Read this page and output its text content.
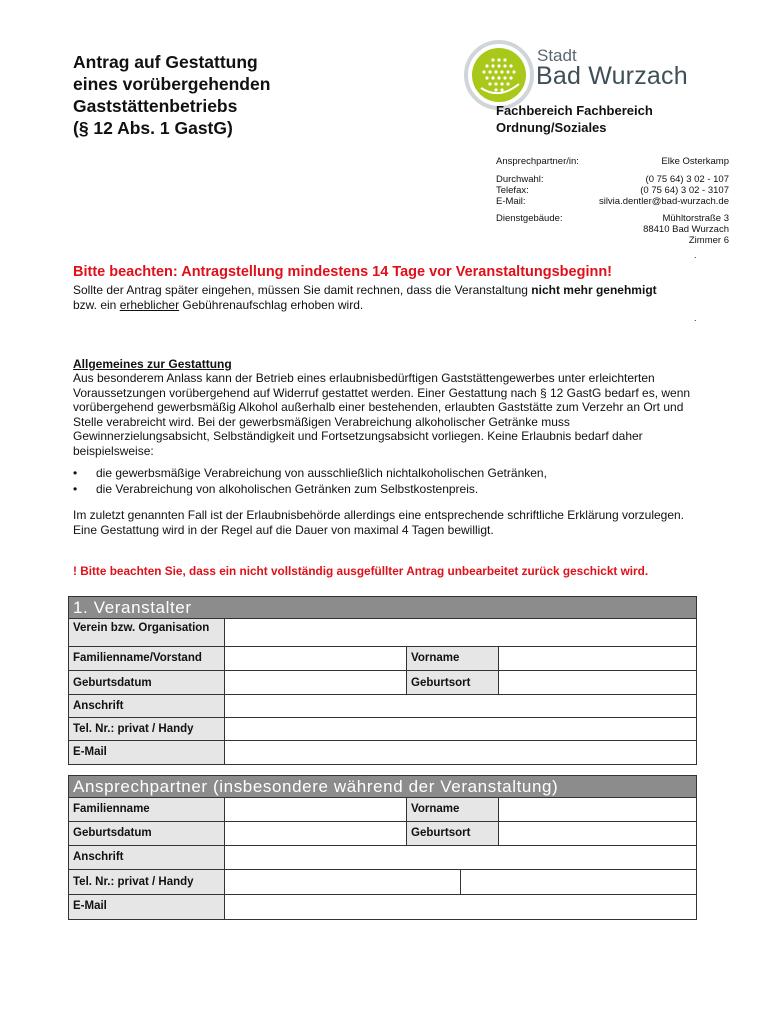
Antrag auf Gestattung
eines vorübergehenden
Gaststättenbetriebs
(§ 12 Abs. 1 GastG)
Stadt
Bad Wurzach
Fachbereich Fachbereich
Ordnung/Soziales
Ansprechpartner/in:	Elke Osterkamp
Durchwahl:	(0 75 64) 3 02 - 107
Telefax:	(0 75 64) 3 02 - 3107
E-Mail:	silvia.dentler@bad-wurzach.de
Dienstgebäude:	Mühltorstraße 3
88410 Bad Wurzach
Zimmer 6
.
Bitte beachten: Antragstellung mindestens 14 Tage vor Veranstaltungsbeginn!
Sollte der Antrag später eingehen, müssen Sie damit rechnen, dass die Veranstaltung nicht mehr genehmigt bzw. ein erheblicher Gebührenaufschlag erhoben wird.
.
Allgemeines zur Gestattung
Aus besonderem Anlass kann der Betrieb eines erlaubnisbedürftigen Gaststättengewerbes unter erleichterten Voraussetzungen vorübergehend auf Widerruf gestattet werden. Einer Gestattung nach § 12 GastG bedarf es, wenn vorübergehend gewerbsmäßig Alkohol außerhalb einer bestehenden, erlaubten Gaststätte zum Verzehr an Ort und Stelle verabreicht wird. Bei der gewerbsmäßigen Verabreichung alkoholischer Getränke muss Gewinnerzielungsabsicht, Selbständigkeit und Fortsetzungsabsicht vorliegen. Keine Erlaubnis bedarf daher beispielsweise:
• die gewerbsmäßige Verabreichung von ausschließlich nichtalkoholischen Getränken,
• die Verabreichung von alkoholischen Getränken zum Selbstkostenpreis.
Im zuletzt genannten Fall ist der Erlaubnisbehörde allerdings eine entsprechende schriftliche Erklärung vorzulegen.
Eine Gestattung wird in der Regel auf die Dauer von maximal 4 Tagen bewilligt.
! Bitte beachten Sie, dass ein nicht vollständig ausgefüllter Antrag unbearbeitet zurück geschickt wird.
1. Veranstalter
Verein bzw. Organisation
Familienname/Vorstand	Vorname
Geburtsdatum	Geburtsort
Anschrift
Tel. Nr.: privat / Handy
E-Mail
Ansprechpartner (insbesondere während der Veranstaltung)
Familienname	Vorname
Geburtsdatum	Geburtsort
Anschrift
Tel. Nr.: privat / Handy
E-Mail
